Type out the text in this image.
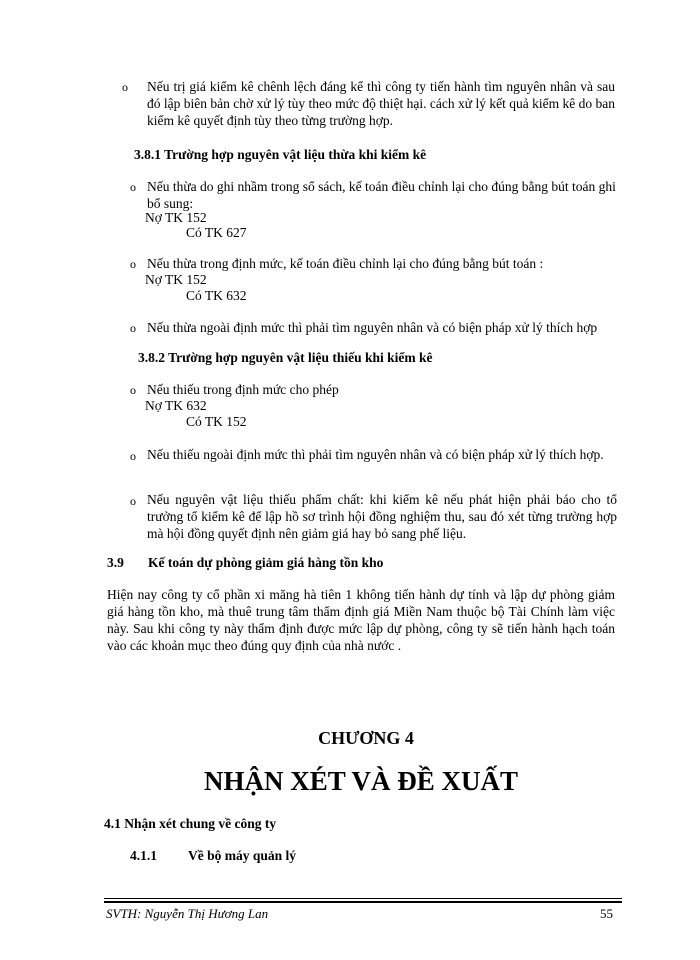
o Nếu trị giá kiểm kê chênh lệch đáng kể thì công ty tiến hành tìm nguyên nhân và sau đó lập biên bản chờ xử lý tùy theo mức độ thiệt hại. cách xử lý kết quả kiểm kê do ban kiểm kê quyết định tùy theo từng trường hợp.
3.8.1 Trường hợp nguyên vật liệu thừa khi kiểm kê
o Nếu thừa do ghi nhầm trong sổ sách, kế toán điều chỉnh lại cho đúng bằng bút toán ghi bổ sung:
Nợ TK 152
Có TK 627
o Nếu thừa trong định mức, kế toán điều chỉnh lại cho đúng bằng bút toán :
Nợ TK 152
Có TK 632
o Nếu thừa ngoài định mức thì phải tìm nguyên nhân và có biện pháp xử lý thích hợp
3.8.2 Trường hợp nguyên vật liệu thiếu khi kiểm kê
o Nếu thiếu trong định mức cho phép
Nợ TK 632
Có TK 152
o Nếu thiếu ngoài định mức thì phải tìm nguyên nhân và có biện pháp xử lý thích hợp.
o Nếu nguyên vật liệu thiếu phẩm chất: khi kiểm kê nếu phát hiện phải báo cho tổ trưởng tổ kiểm kê để lập hồ sơ trình hội đồng nghiệm thu, sau đó xét từng trường hợp mà hội đồng quyết định nên giảm giá hay bỏ sang phế liệu.
3.9 Kế toán dự phòng giảm giá hàng tồn kho
Hiện nay công ty cổ phần xi măng hà tiên 1 không tiến hành dự tính và lập dự phòng giảm giá hàng tồn kho, mà thuê trung tâm thẩm định giá Miền Nam thuộc bộ Tài Chính làm việc này. Sau khi công ty này thẩm định được mức lập dự phòng, công ty sẽ tiến hành hạch toán vào các khoản mục theo đúng quy định của nhà nước .
CHƯƠNG 4
NHẬN XÉT VÀ ĐỀ XUẤT
4.1 Nhận xét chung về công ty
4.1.1 Về bộ máy quản lý
SVTH: Nguyễn Thị Hương Lan	55
